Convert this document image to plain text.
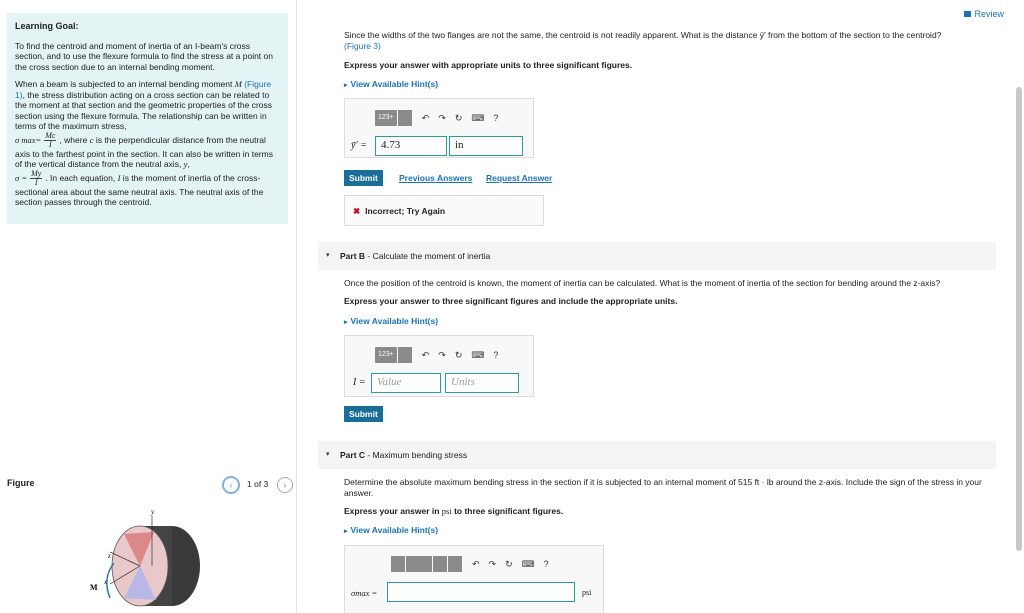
Learning Goal:

To find the centroid and moment of inertia of an I-beam's cross section, and to use the flexure formula to find the stress at a point on the cross section due to an internal bending moment.

When a beam is subjected to an internal bending moment M (Figure 1), the stress distribution acting on a cross section can be related to the moment at that section and the geometric properties of the cross section using the flexure formula. The relationship can be written in terms of the maximum stress,
σ $\max= \frac{Mc}{I}$ , where c is the perpendicular distance from the neutral axis to the farthest point in the section. It can also be written in terms of the vertical distance from the neutral axis, y,
$\sigma = \frac{My}{I}$ . In each equation, I is the moment of inertia of the cross-sectional area about the same neutral axis. The neutral axis of the section passes through the centroid.

Figure	‹	1 of 3	›
y
z
x
M
Review
Since the widths of the two flanges are not the same, the centroid is not readily apparent. What is the distance ȳ′ from the bottom of the section to the centroid?
(Figure 3)
Express your answer with appropriate units to three significant figures.
▸ View Available Hint(s)
123+	↶ ↷ ↻ ⌨ ?
ȳ′ =	4.73	in
Submit	Previous Answers Request Answer
✖ Incorrect; Try Again
▾ Part B - Calculate the moment of inertia
Once the position of the centroid is known, the moment of inertia can be calculated. What is the moment of inertia of the section for bending around the z-axis?
Express your answer to three significant figures and include the appropriate units.
▸ View Available Hint(s)
123+	↶ ↷ ↻ ⌨ ?
I =	Value	Units
Submit
▾ Part C - Maximum bending stress
Determine the absolute maximum bending stress in the section if it is subjected to an internal moment of 515 ft · lb around the z-axis. Include the sign of the stress in your answer.
Express your answer in psi to three significant figures.
▸ View Available Hint(s)
↶ ↷ ↻ ⌨ ?
σmax =	psi
